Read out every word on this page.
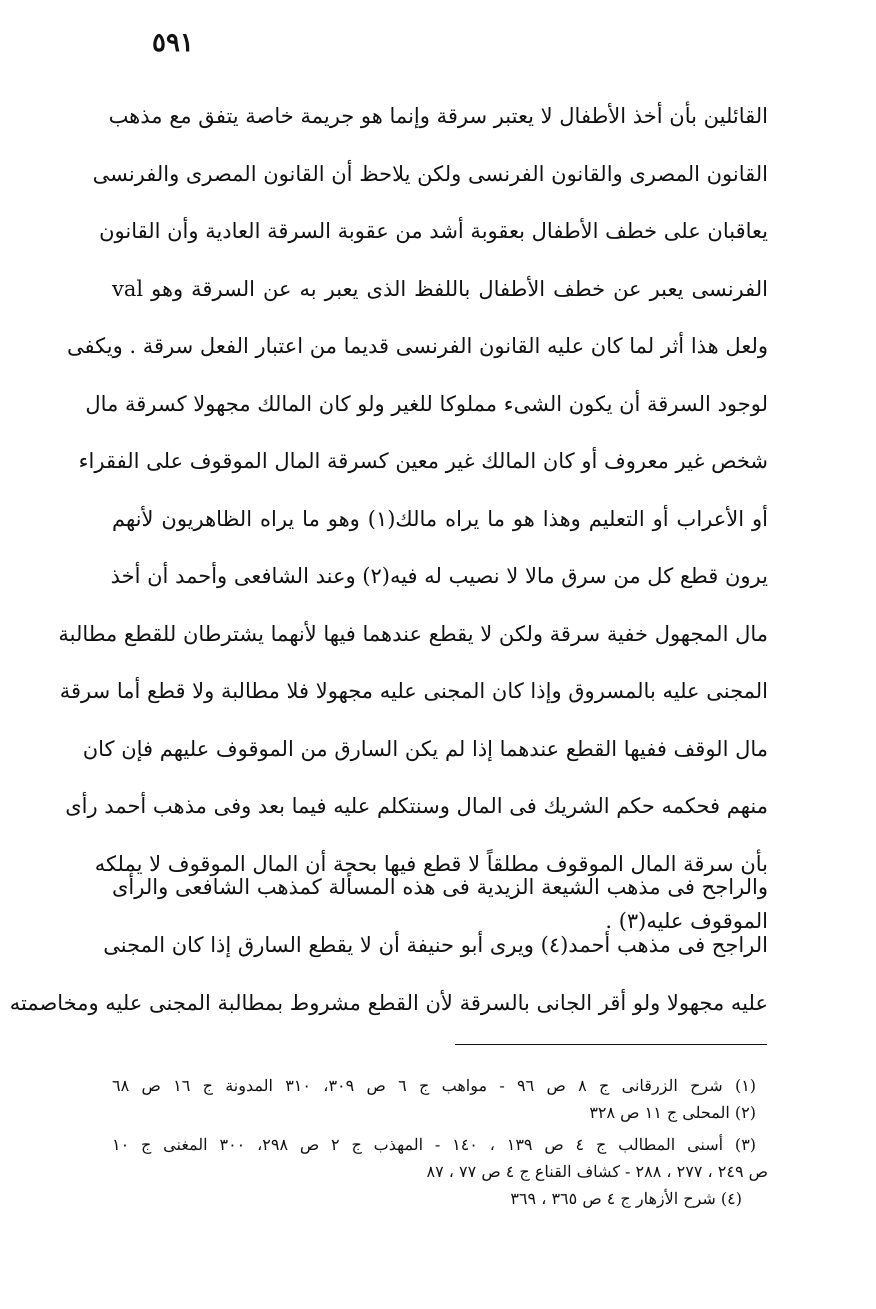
٥٩١
القائلين بأن أخذ الأطفال لا يعتبر سرقة وإنما هو جريمة خاصة يتفق مع مذهب
القانون المصرى والقانون الفرنسى ولكن يلاحظ أن القانون المصرى والفرنسى
يعاقبان على خطف الأطفال بعقوبة أشد من عقوبة السرقة العادية وأن القانون
الفرنسى يعبر عن خطف الأطفال باللفظ الذى يعبر به عن السرقة وهو val
ولعل هذا أثر لما كان عليه القانون الفرنسى قديما من اعتبار الفعل سرقة . ويكفى
لوجود السرقة أن يكون الشىء مملوكا للغير ولو كان المالك مجهولا كسرقة مال
شخص غير معروف أو كان المالك غير معين كسرقة المال الموقوف على الفقراء
أو الأعراب أو التعليم وهذا هو ما يراه مالك(١) وهو ما يراه الظاهريون لأنهم
يرون قطع كل من سرق مالا لا نصيب له فيه(٢) وعند الشافعى وأحمد أن أخذ
مال المجهول خفية سرقة ولكن لا يقطع عندهما فيها لأنهما يشترطان للقطع مطالبة
المجنى عليه بالمسروق وإذا كان المجنى عليه مجهولا فلا مطالبة ولا قطع أما سرقة
مال الوقف ففيها القطع عندهما إذا لم يكن السارق من الموقوف عليهم فإن كان
منهم فحكمه حكم الشريك فى المال وسنتكلم عليه فيما بعد وفى مذهب أحمد رأى
بأن سرقة المال الموقوف مطلقاً لا قطع فيها بحجة أن المال الموقوف لا يملكه
الموقوف عليه(٣) .
والراجح فى مذهب الشيعة الزيدية فى هذه المسألة كمذهب الشافعى والرأى
الراجح فى مذهب أحمد(٤) ويرى أبو حنيفة أن لا يقطع السارق إذا كان المجنى
عليه مجهولا ولو أقر الجانى بالسرقة لأن القطع مشروط بمطالبة المجنى عليه ومخاصمته
(١) شرح الزرقانى ج ٨ ص ٩٦ - مواهب ج ٦ ص ٣٠٩، ٣١٠ المدونة ج ١٦ ص ٦٨
(٢) المحلى ج ١١ ص ٣٢٨
(٣) أسنى المطالب ج ٤ ص ١٣٩ ، ١٤٠ - المهذب ج ٢ ص ٢٩٨، ٣٠٠ المغنى ج ١٠
ص ٢٤٩ ، ٢٧٧ ، ٢٨٨ - كشاف القناع ج ٤ ص ٧٧ ، ٨٧
(٤) شرح الأزهار ج ٤ ص ٣٦٥ ، ٣٦٩
